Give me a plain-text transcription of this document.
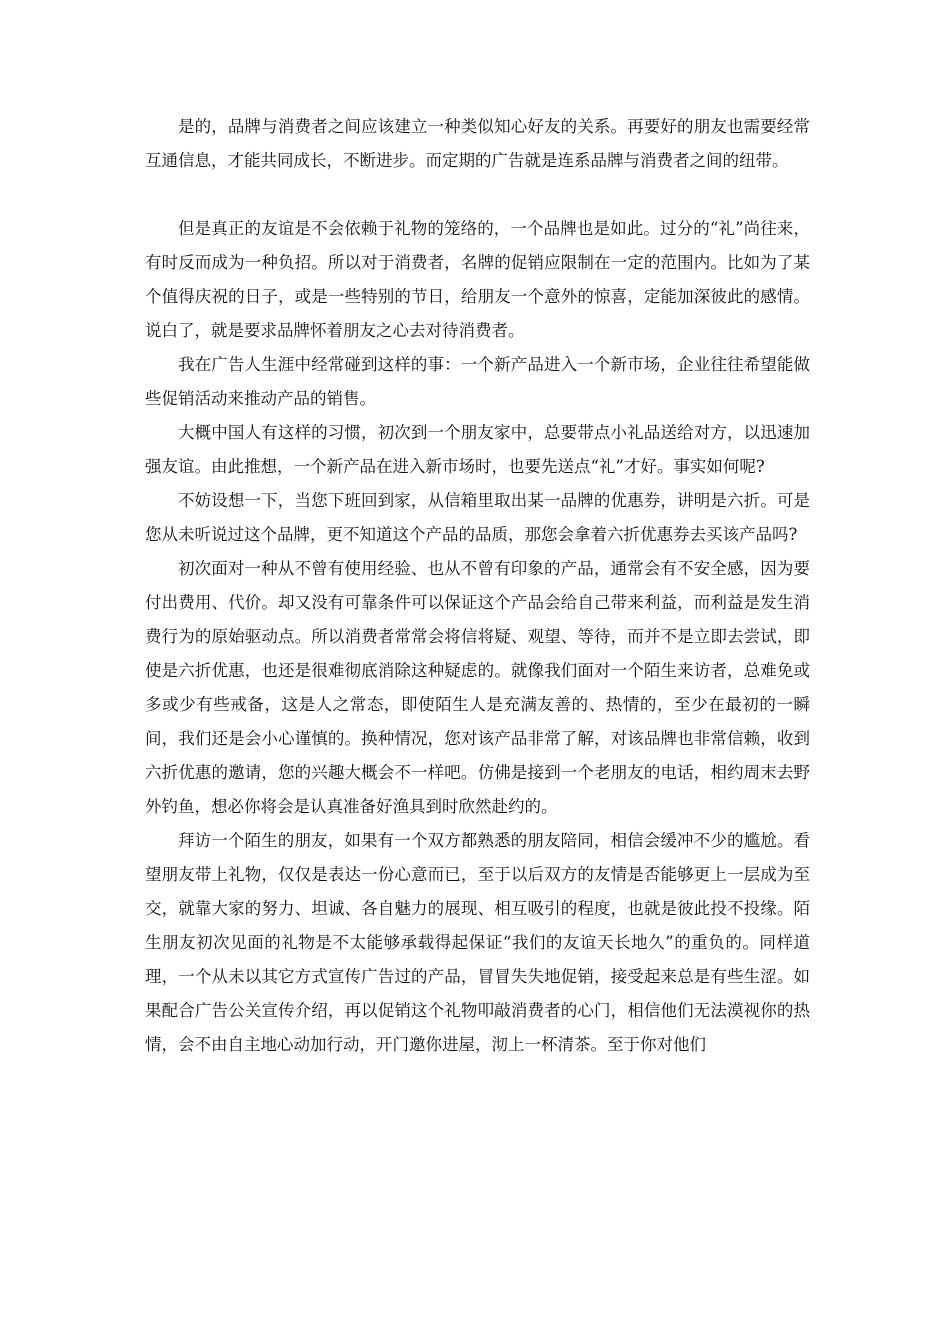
是的，品牌与消费者之间应该建立一种类似知心好友的关系。再要好的朋友也需要经常互通信息，才能共同成长，不断进步。而定期的广告就是连系品牌与消费者之间的纽带。

但是真正的友谊是不会依赖于礼物的笼络的，一个品牌也是如此。过分的“礼”尚往来，有时反而成为一种负招。所以对于消费者，名牌的促销应限制在一定的范围内。比如为了某个值得庆祝的日子，或是一些特别的节日，给朋友一个意外的惊喜，定能加深彼此的感情。说白了，就是要求品牌怀着朋友之心去对待消费者。

我在广告人生涯中经常碰到这样的事：一个新产品进入一个新市场，企业往往希望能做些促销活动来推动产品的销售。

大概中国人有这样的习惯，初次到一个朋友家中，总要带点小礼品送给对方，以迅速加强友谊。由此推想，一个新产品在进入新市场时，也要先送点“礼”才好。事实如何呢?

不妨设想一下，当您下班回到家，从信箱里取出某一品牌的优惠券，讲明是六折。可是您从未听说过这个品牌，更不知道这个产品的品质，那您会拿着六折优惠券去买该产品吗?

初次面对一种从不曾有使用经验、也从不曾有印象的产品，通常会有不安全感，因为要付出费用、代价。却又没有可靠条件可以保证这个产品会给自己带来利益，而利益是发生消费行为的原始驱动点。所以消费者常常会将信将疑、观望、等待，而并不是立即去尝试，即使是六折优惠，也还是很难彻底消除这种疑虑的。就像我们面对一个陌生来访者，总难免或多或少有些戒备，这是人之常态，即使陌生人是充满友善的、热情的，至少在最初的一瞬间，我们还是会小心谨慎的。换种情况，您对该产品非常了解，对该品牌也非常信赖，收到六折优惠的邀请，您的兴趣大概会不一样吧。仿佛是接到一个老朋友的电话，相约周末去野外钓鱼，想必你将会是认真准备好渔具到时欣然赴约的。

拜访一个陌生的朋友，如果有一个双方都熟悉的朋友陪同，相信会缓冲不少的尴尬。看望朋友带上礼物，仅仅是表达一份心意而已，至于以后双方的友情是否能够更上一层成为至交，就靠大家的努力、坦诚、各自魅力的展现、相互吸引的程度，也就是彼此投不投缘。陌生朋友初次见面的礼物是不太能够承载得起保证“我们的友谊天长地久”的重负的。同样道理，一个从未以其它方式宣传广告过的产品，冒冒失失地促销，接受起来总是有些生涩。如果配合广告公关宣传介绍，再以促销这个礼物叩敲消费者的心门，相信他们无法漠视你的热情，会不由自主地心动加行动，开门邀你进屋，沏上一杯清茶。至于你对他们
